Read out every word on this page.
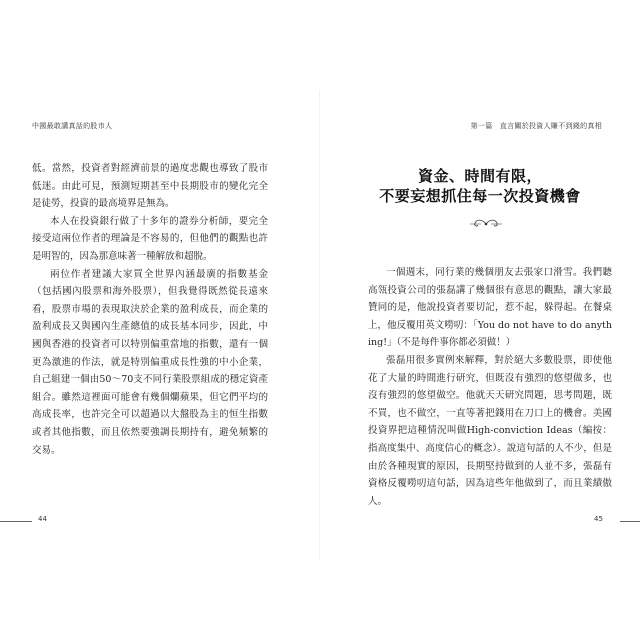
中國最敢講真話的股市人

低。當然，投資者對經濟前景的過度悲觀也導致了股市低迷。由此可見，預測短期甚至中長期股市的變化完全是徒勞，投資的最高境界是無為。

本人在投資銀行做了十多年的證券分析師，要完全接受這兩位作者的理論是不容易的，但他們的觀點也許是明智的，因為那意味著一種解放和超脫。

兩位作者建議大家買全世界內涵最廣的指數基金（包括國內股票和海外股票），但我覺得既然從長遠來看，股票市場的表現取決於企業的盈利成長，而企業的盈利成長又與國內生產總值的成長基本同步，因此，中國與香港的投資者可以特別偏重當地的指數，還有一個更為激進的作法，就是特別偏重成長性強的中小企業，自己組建一個由50～70支不同行業股票組成的穩定資產組合。雖然這裡面可能會有幾個爛蘋果，但它們平均的高成長率，也許完全可以超過以大盤股為主的恒生指數或者其他指數，而且依然要強調長期持有，避免頻繁的交易。

44
第一篇　直言關於投資人賺不到錢的真相
資金、時間有限，
不要妄想抓住每一次投資機會

一個週末，同行業的幾個朋友去張家口滑雪。我們聽高瓴投資公司的張磊講了幾個很有意思的觀點，讓大家最贊同的是，他說投資者要切記，惹不起，躲得起。在餐桌上，他反覆用英文嘮叨：「You do not have to do anything!」（不是每件事你都必須做！）

張磊用很多實例來解釋，對於絕大多數股票，即使他花了大量的時間進行研究，但既沒有強烈的悠望做多，也沒有強烈的悠望做空。他就天天研究問題，思考問題，既不買，也不做空，一直等著把錢用在刀口上的機會。美國投資界把這種情況叫做High-conviction Ideas（編按：指高度集中、高度信心的概念）。說這句話的人不少，但是由於各種現實的原因，長期堅持做到的人並不多，張磊有資格反覆嘮叨這句話，因為這些年他做到了，而且業績傲人。

45
